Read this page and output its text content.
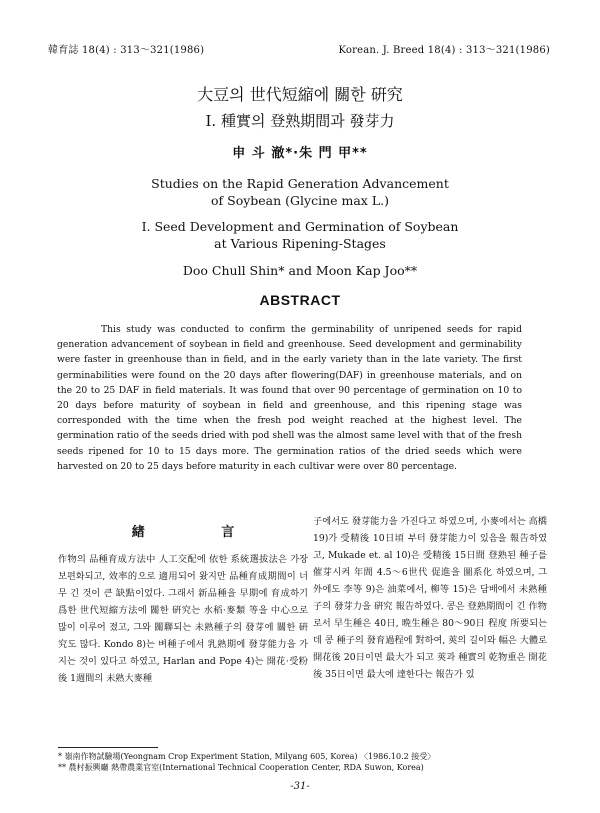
韓育誌 18(4) : 313～321(1986)	Korean. J. Breed 18(4) : 313～321(1986)
大豆의 世代短縮에 關한 硏究
Ⅰ. 種實의 登熟期間과 發芽力
申 斗 澈*·朱 門 甲**
Studies on the Rapid Generation Advancement
of Soybean (Glycine max L.)
Ⅰ. Seed Development and Germination of Soybean
at Various Ripening-Stages
Doo Chull Shin* and Moon Kap Joo**
ABSTRACT
This study was conducted to confirm the germinability of unripened seeds for rapid generation advancement of soybean in field and greenhouse. Seed development and germinability were faster in greenhouse than in field, and in the early variety than in the late variety. The first germinabilities were found on the 20 days after flowering(DAF) in greenhouse materials, and on the 20 to 25 DAF in field materials. It was found that over 90 percentage of germination on 10 to 20 days before maturity of soybean in field and greenhouse, and this ripening stage was corresponded with the time when the fresh pod weight reached at the highest level. The germination ratio of the seeds dried with pod shell was the almost same level with that of the fresh seeds ripened for 10 to 15 days more. The germination ratios of the dried seeds which were harvested on 20 to 25 days before maturity in each cultivar were over 80 percentage.
緖 言

作物의 品種育成方法中 人工交配에 依한 系統選拔法은 가장 보편화되고, 效率的으로 適用되어 왔지만 品種育成期間이 너무 긴 것이 큰 缺點이었다. 그래서 新品種을 早期에 育成하기 爲한 世代短縮方法에 關한 硏究는 水稻·麥類 等을 中心으로 많이 이루어 졌고, 그와 關聯되는 未熟種子의 發芽에 關한 硏究도 많다. Kondo 8)는 벼種子에서 乳熟期에 發芽能力을 가지는 것이 있다고 하였고, Harlan and Pope 4)는 開花·受粉後 1週間의 未熟大麥種

子에서도 發芽能力을 가진다고 하였으며, 小麥에서는 高橋 19)가 受精後 10日頃 부터 發芽能力이 있음을 報告하였고, Mukade et. al 10)은 受精後 15日間 登熟된 種子를 催芽시켜 年間 4.5～6世代 促進을 圖系化 하였으며, 그 外에도 李等 9)은 油菜에서, 柳等 15)은 담배에서 未熟種子의 發芽力을 硏究 報告하였다. 콩은 登熟期間이 긴 作物로서 早生種은 40日, 晩生種은 80～90日 程度 所要되는데 콩 種子의 發育過程에 對하여, 莢의 길이와 幅은 大體로 開花後 20日이면 最大가 되고 莢과 種實의 乾物重은 開花後 35日이면 最大에 達한다는 報告가 있

* 嶺南作物試驗場(Yeongnam Crop Experiment Station, Milyang 605, Korea) 〈1986.10.2 接受〉
** 農村振興廳 熱帶農業官室(International Technical Cooperation Center, RDA Suwon, Korea)
-31-
